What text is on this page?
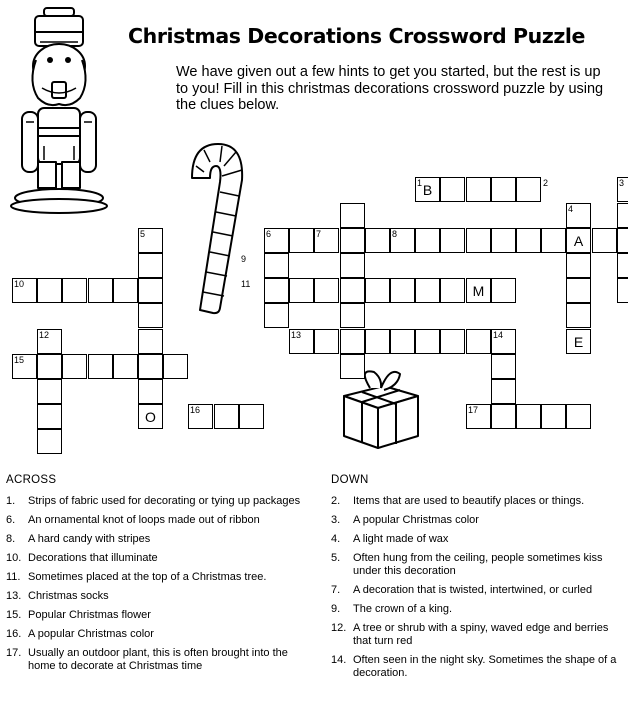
Christmas Decorations Crossword Puzzle
We have given out a few hints to get you started, but the rest is up to you! Fill in this christmas decorations crossword puzzle by using the clues below.
1	2	3
4
5	6	7	8
9
10	11
12	13	14
15
16	17
B
A
M
E
O
ACROSS
1.	Strips of fabric used for decorating or tying up packages
6.	An ornamental knot of loops made out of ribbon
8.	A hard candy with stripes
10. Decorations that illuminate
11. Sometimes placed at the top of a Christmas tree.
13. Christmas socks
15. Popular Christmas flower
16. A popular Christmas color
17. Usually an outdoor plant, this is often brought into the home to decorate at Christmas time
DOWN
2.	Items that are used to beautify places or things.
3.	A popular Christmas color
4.	A light made of wax
5.	Often hung from the ceiling, people sometimes kiss under this decoration
7.	A decoration that is twisted, intertwined, or curled
9.	The crown of a king.
12. A tree or shrub with a spiny, waved edge and berries that turn red
14. Often seen in the night sky. Sometimes the shape of a decoration.
